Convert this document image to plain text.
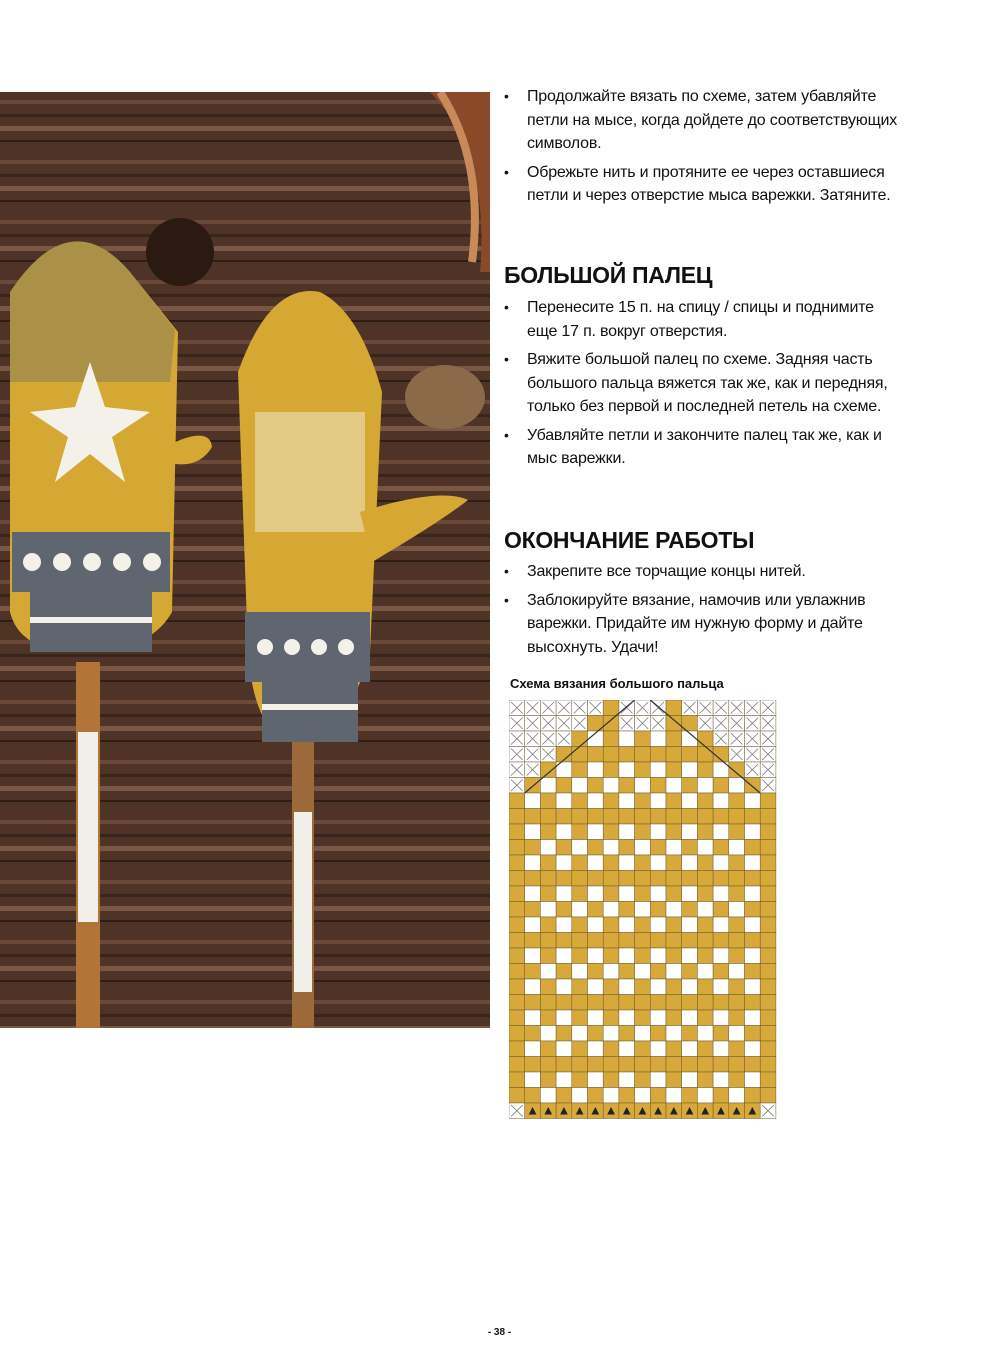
• Продолжайте вязать по схеме, затем убавляйте петли на мысе, когда дойдете до соответствующих символов.
• Обрежьте нить и протяните ее через оставшиеся петли и через отверстие мыса варежки. Затяните.
БОЛЬШОЙ ПАЛЕЦ
• Перенесите 15 п. на спицу / спицы и поднимите еще 17 п. вокруг отверстия.
• Вяжите большой палец по схеме. Задняя часть большого пальца вяжется так же, как и передняя, только без первой и последней петель на схеме.
• Убавляйте петли и закончите палец так же, как и мыс варежки.
ОКОНЧАНИЕ РАБОТЫ
• Закрепите все торчащие концы нитей.
• Заблокируйте вязание, намочив или увлажнив варежки. Придайте им нужную форму и дайте высохнуть. Удачи!
Схема вязания большого пальца
- 38 -
